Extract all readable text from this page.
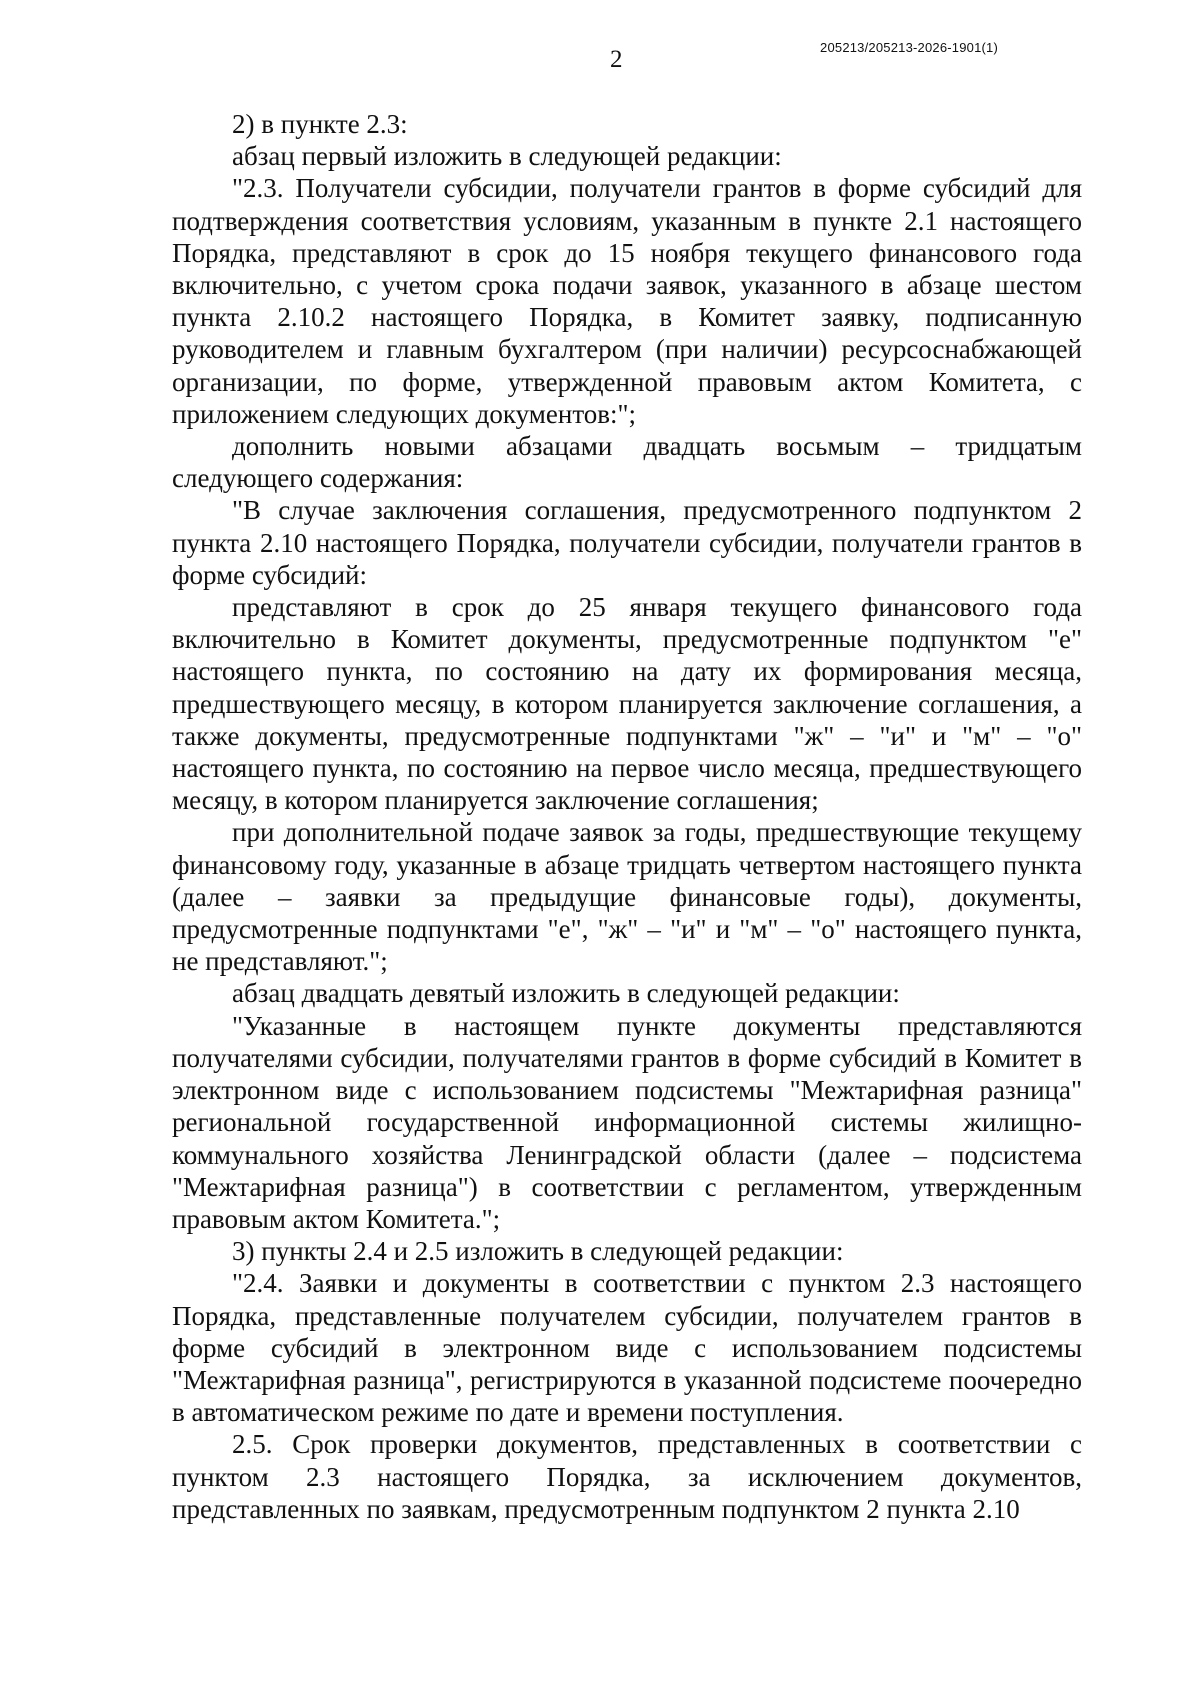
2	205213/205213-2026-1901(1)

2) в пункте 2.3:

абзац первый изложить в следующей редакции:

"2.3. Получатели субсидии, получатели грантов в форме субсидий для подтверждения соответствия условиям, указанным в пункте 2.1 настоящего Порядка, представляют в срок до 15 ноября текущего финансового года включительно, с учетом срока подачи заявок, указанного в абзаце шестом пункта 2.10.2 настоящего Порядка, в Комитет заявку, подписанную руководителем и главным бухгалтером (при наличии) ресурсоснабжающей организации, по форме, утвержденной правовым актом Комитета, с приложением следующих документов:";

дополнить новыми абзацами двадцать восьмым – тридцатым следующего содержания:

"В случае заключения соглашения, предусмотренного подпунктом 2 пункта 2.10 настоящего Порядка, получатели субсидии, получатели грантов в форме субсидий:

представляют в срок до 25 января текущего финансового года включительно в Комитет документы, предусмотренные подпунктом "е" настоящего пункта, по состоянию на дату их формирования месяца, предшествующего месяцу, в котором планируется заключение соглашения, а также документы, предусмотренные подпунктами "ж" – "и" и "м" – "о" настоящего пункта, по состоянию на первое число месяца, предшествующего месяцу, в котором планируется заключение соглашения;

при дополнительной подаче заявок за годы, предшествующие текущему финансовому году, указанные в абзаце тридцать четвертом настоящего пункта (далее – заявки за предыдущие финансовые годы), документы, предусмотренные подпунктами "е", "ж" – "и" и "м" – "о" настоящего пункта, не представляют.";

абзац двадцать девятый изложить в следующей редакции:

"Указанные в настоящем пункте документы представляются получателями субсидии, получателями грантов в форме субсидий в Комитет в электронном виде с использованием подсистемы "Межтарифная разница" региональной государственной информационной системы жилищно-коммунального хозяйства Ленинградской области (далее – подсистема "Межтарифная разница") в соответствии с регламентом, утвержденным правовым актом Комитета.";

3) пункты 2.4 и 2.5 изложить в следующей редакции:

"2.4. Заявки и документы в соответствии с пунктом 2.3 настоящего Порядка, представленные получателем субсидии, получателем грантов в форме субсидий в электронном виде с использованием подсистемы "Межтарифная разница", регистрируются в указанной подсистеме поочередно в автоматическом режиме по дате и времени поступления.

2.5. Срок проверки документов, представленных в соответствии с пунктом 2.3 настоящего Порядка, за исключением документов, представленных по заявкам, предусмотренным подпунктом 2 пункта 2.10
